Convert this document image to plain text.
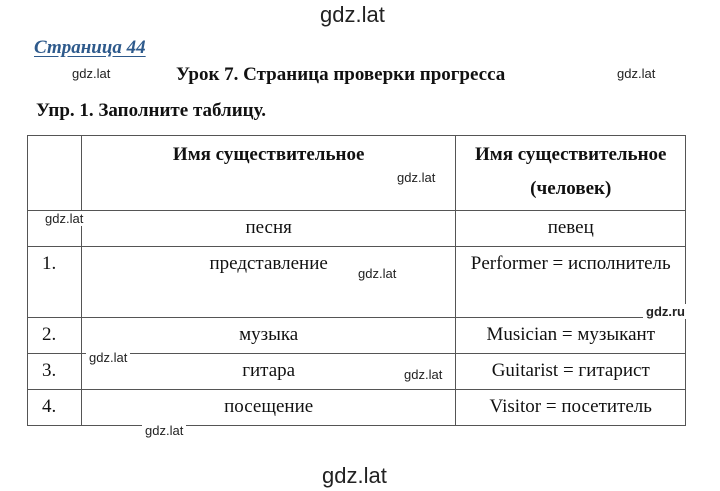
gdz.lat
Страница 44
gdz.lat	Урок 7. Страница проверки прогресса	gdz.lat
Упр. 1. Заполните таблицу.
	Имя существительное	Имя существительное (человек)
	песня	певец
1.	представление	Performer = исполнитель
2.	музыка	Musician = музыкант
3.	гитара	Guitarist = гитарист
4.	посещение	Visitor = посетитель
gdz.lat
gdz.lat
gdz.lat
gdz.ru
gdz.lat
gdz.lat
gdz.lat
gdz.lat
